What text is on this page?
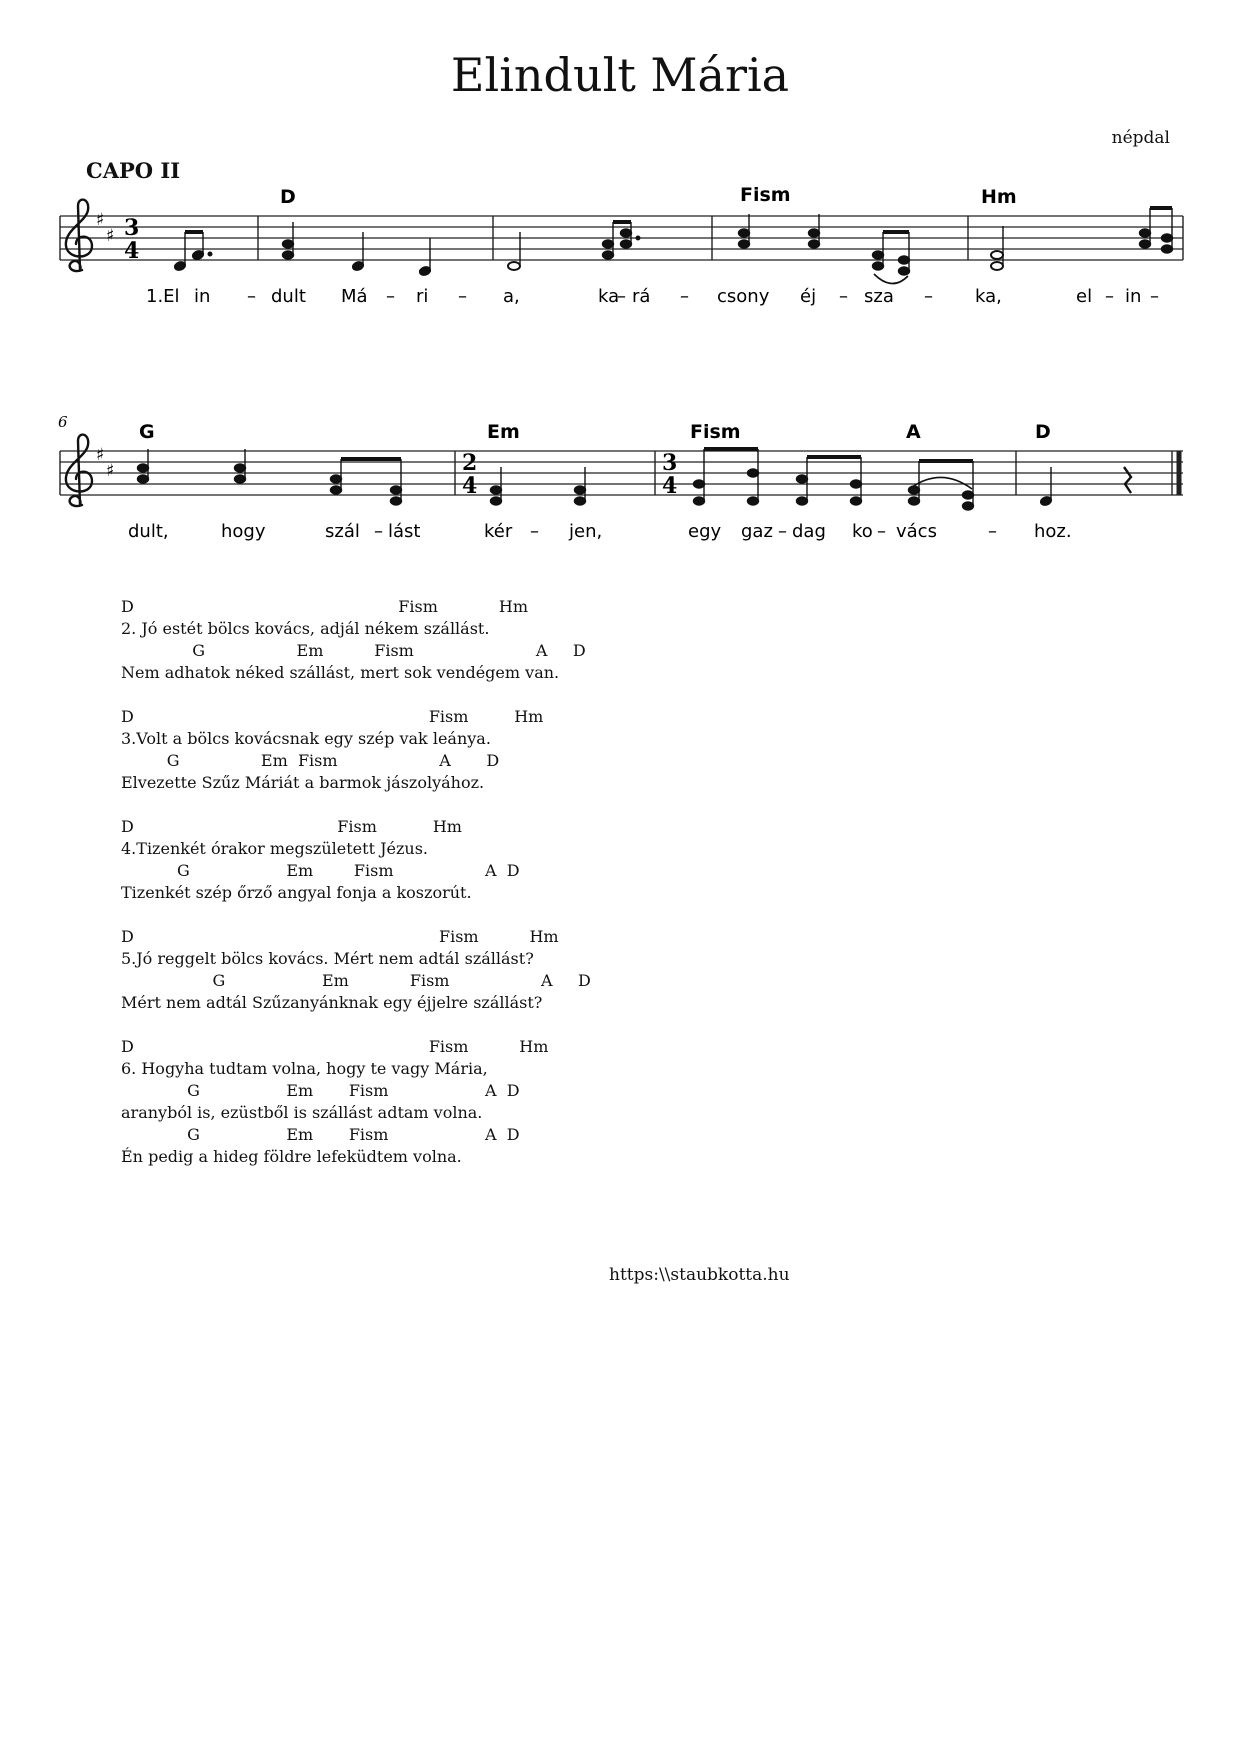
Elindult Mária
népdal
CAPO II
♯
♯ 3
4
D	Fism	Hm
1.El in – dult Má – ri – a,	ka
– rá – csony éj – sza – ka,	el – in –
6
♯
♯	2
4
3
4
G	Em	Fism	A	D
dult,	hogy	szál – lást	kér – jen,	egy gaz – dag ko – vács	– hoz.
D                                                    Fism            Hm
2. Jó estét bölcs kovács, adjál nékem szállást.
G                  Em          Fism                        A     D
Nem adhatok néked szállást, mert sok vendégem van.
D                                                          Fism         Hm
3.Volt a bölcs kovácsnak egy szép vak leánya.
G                Em  Fism                    A       D
Elvezette Szűz Máriát a barmok jászolyához.
D                                        Fism           Hm
4.Tizenkét órakor megszületett Jézus.
G                   Em        Fism                  A  D
Tizenkét szép őrző angyal fonja a koszorút.
D                                                            Fism          Hm
5.Jó reggelt bölcs kovács. Mért nem adtál szállást?
G                   Em            Fism                  A     D
Mért nem adtál Szűzanyánknak egy éjjelre szállást?
D                                                          Fism          Hm
6. Hogyha tudtam volna, hogy te vagy Mária,
G                 Em       Fism                   A  D
aranyból is, ezüstből is szállást adtam volna.
G                 Em       Fism                   A  D
Én pedig a hideg földre lefeküdtem volna.
https:\\staubkotta.hu
